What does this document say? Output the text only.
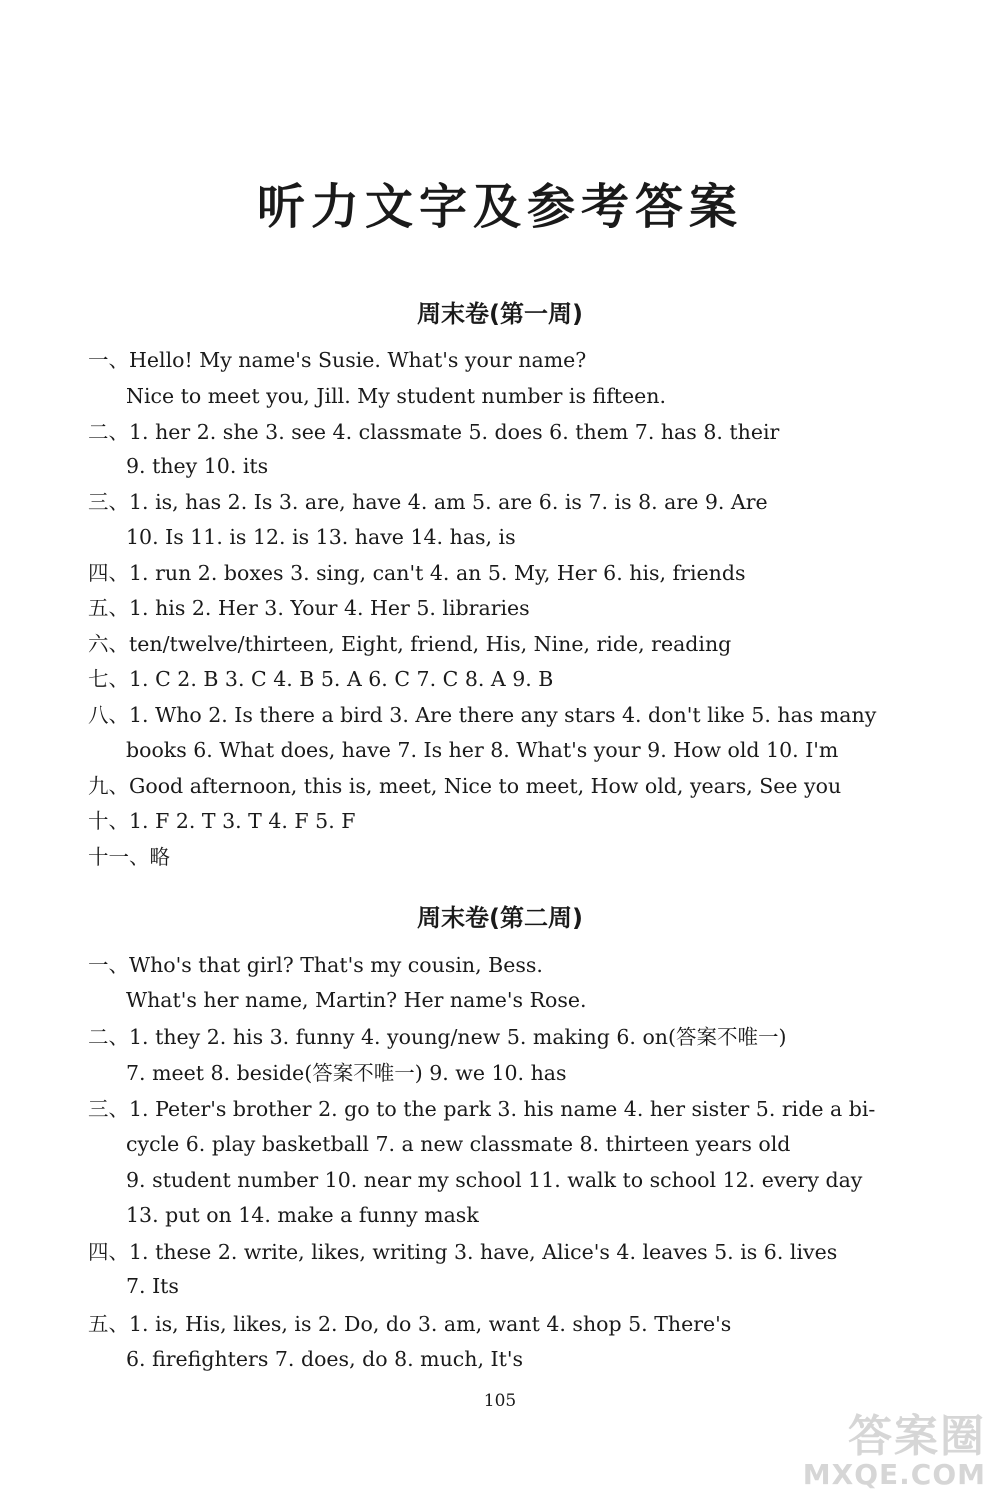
听力文字及参考答案
周末卷(第一周)
一、Hello! My name's Susie. What's your name?
Nice to meet you, Jill. My student number is fifteen.
二、1. her 2. she 3. see 4. classmate 5. does 6. them 7. has 8. their
9. they 10. its
三、1. is, has 2. Is 3. are, have 4. am 5. are 6. is 7. is 8. are 9. Are
10. Is 11. is 12. is 13. have 14. has, is
四、1. run 2. boxes 3. sing, can't 4. an 5. My, Her 6. his, friends
五、1. his 2. Her 3. Your 4. Her 5. libraries
六、ten/twelve/thirteen, Eight, friend, His, Nine, ride, reading
七、1. C 2. B 3. C 4. B 5. A 6. C 7. C 8. A 9. B
八、1. Who 2. Is there a bird 3. Are there any stars 4. don't like 5. has many
books 6. What does, have 7. Is her 8. What's your 9. How old 10. I'm
九、Good afternoon, this is, meet, Nice to meet, How old, years, See you
十、1. F 2. T 3. T 4. F 5. F
十一、略
周末卷(第二周)
一、Who's that girl? That's my cousin, Bess.
What's her name, Martin? Her name's Rose.
二、1. they 2. his 3. funny 4. young/new 5. making 6. on(答案不唯一)
7. meet 8. beside(答案不唯一) 9. we 10. has
三、1. Peter's brother 2. go to the park 3. his name 4. her sister 5. ride a bi-
cycle 6. play basketball 7. a new classmate 8. thirteen years old
9. student number 10. near my school 11. walk to school 12. every day
13. put on 14. make a funny mask
四、1. these 2. write, likes, writing 3. have, Alice's 4. leaves 5. is 6. lives
7. Its
五、1. is, His, likes, is 2. Do, do 3. am, want 4. shop 5. There's
6. firefighters 7. does, do 8. much, It's
105
答案圈
MXQE.COM
